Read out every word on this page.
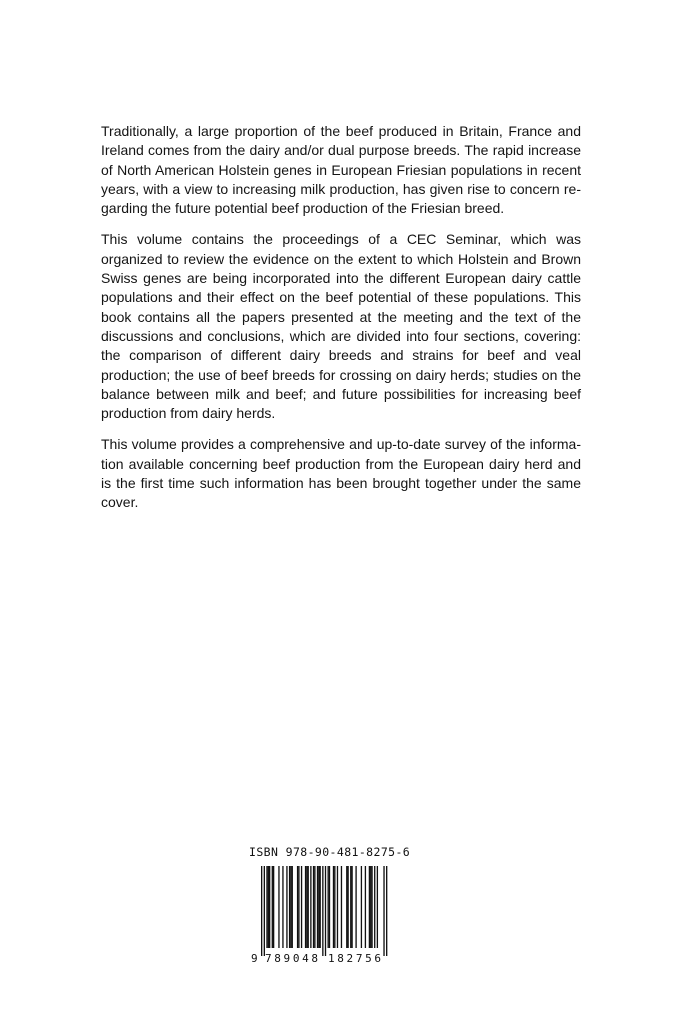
Traditionally, a large proportion of the beef produced in Britain, France and Ireland comes from the dairy and/or dual purpose breeds. The rapid increase of North American Holstein genes in European Friesian populations in recent years, with a view to increasing milk production, has given rise to concern regarding the future potential beef production of the Friesian breed.

This volume contains the proceedings of a CEC Seminar, which was organized to review the evidence on the extent to which Holstein and Brown Swiss genes are being incorporated into the different European dairy cattle populations and their effect on the beef potential of these populations. This book contains all the papers presented at the meeting and the text of the discussions and conclusions, which are divided into four sections, covering: the comparison of different dairy breeds and strains for beef and veal production; the use of beef breeds for crossing on dairy herds; studies on the balance between milk and beef; and future possibilities for increasing beef production from dairy herds.

This volume provides a comprehensive and up-to-date survey of the information available concerning beef production from the European dairy herd and is the first time such information has been brought together under the same cover.

ISBN 978-90-481-8275-6
9 789048 182756
